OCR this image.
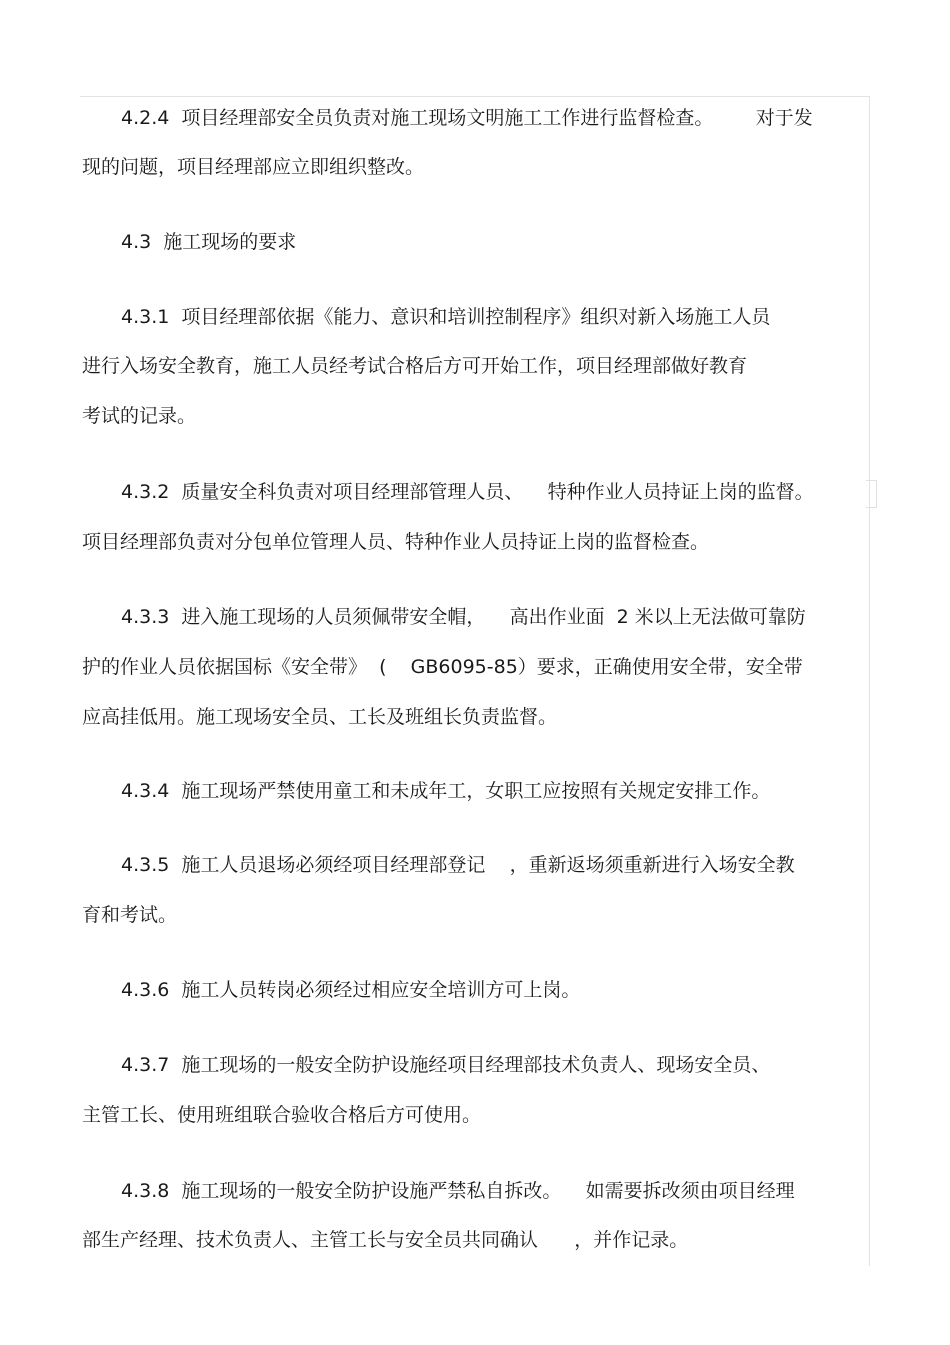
4.2.4  项目经理部安全员负责对施工现场文明施工工作进行监督检查。       对于发
现的问题，项目经理部应立即组织整改。
4.3  施工现场的要求
4.3.1  项目经理部依据《能力、意识和培训控制程序》组织对新入场施工人员
进行入场安全教育，施工人员经考试合格后方可开始工作，项目经理部做好教育
考试的记录。
4.3.2  质量安全科负责对项目经理部管理人员、    特种作业人员持证上岗的监督。
项目经理部负责对分包单位管理人员、特种作业人员持证上岗的监督检查。
4.3.3  进入施工现场的人员须佩带安全帽，    高出作业面  2 米以上无法做可靠防
护的作业人员依据国标《安全带》  (    GB6095-85）要求，正确使用安全带，安全带
应高挂低用。施工现场安全员、工长及班组长负责监督。
4.3.4  施工现场严禁使用童工和未成年工，女职工应按照有关规定安排工作。
4.3.5  施工人员退场必须经项目经理部登记    ，重新返场须重新进行入场安全教
育和考试。
4.3.6  施工人员转岗必须经过相应安全培训方可上岗。
4.3.7  施工现场的一般安全防护设施经项目经理部技术负责人、现场安全员、
主管工长、使用班组联合验收合格后方可使用。
4.3.8  施工现场的一般安全防护设施严禁私自拆改。    如需要拆改须由项目经理
部生产经理、技术负责人、主管工长与安全员共同确认      ，并作记录。
